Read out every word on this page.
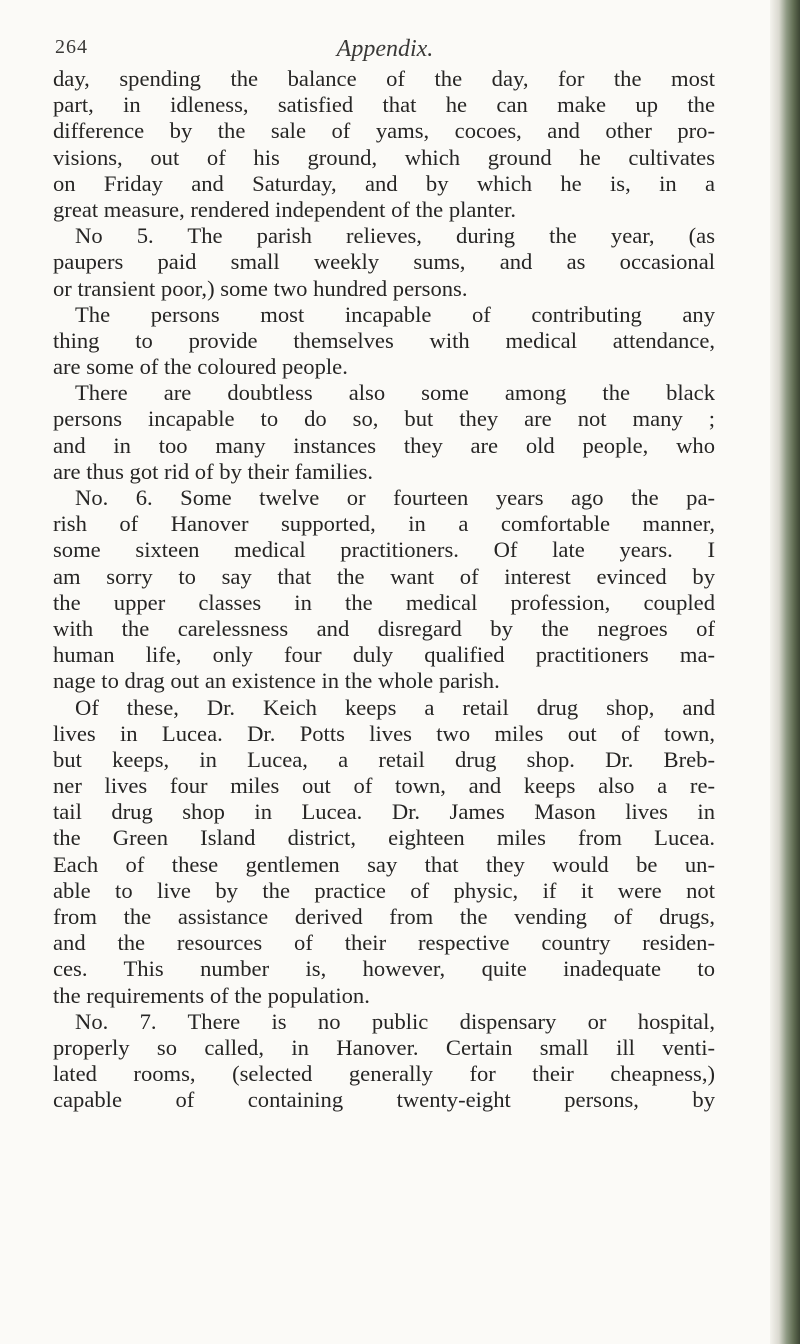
264	Appendix.
day, spending the balance of the day, for the most
part, in idleness, satisfied that he can make up the
difference by the sale of yams, cocoes, and other pro-
visions, out of his ground, which ground he cultivates
on Friday and Saturday, and by which he is, in a
great measure, rendered independent of the planter.
No 5. The parish relieves, during the year, (as
paupers paid small weekly sums, and as occasional
or transient poor,) some two hundred persons.
The persons most incapable of contributing any
thing to provide themselves with medical attendance,
are some of the coloured people.
There are doubtless also some among the black
persons incapable to do so, but they are not many ;
and in too many instances they are old people, who
are thus got rid of by their families.
No. 6. Some twelve or fourteen years ago the pa-
rish of Hanover supported, in a comfortable manner,
some sixteen medical practitioners. Of late years. I
am sorry to say that the want of interest evinced by
the upper classes in the medical profession, coupled
with the carelessness and disregard by the negroes of
human life, only four duly qualified practitioners ma-
nage to drag out an existence in the whole parish.
Of these, Dr. Keich keeps a retail drug shop, and
lives in Lucea. Dr. Potts lives two miles out of town,
but keeps, in Lucea, a retail drug shop. Dr. Breb-
ner lives four miles out of town, and keeps also a re-
tail drug shop in Lucea. Dr. James Mason lives in
the Green Island district, eighteen miles from Lucea.
Each of these gentlemen say that they would be un-
able to live by the practice of physic, if it were not
from the assistance derived from the vending of drugs,
and the resources of their respective country residen-
ces. This number is, however, quite inadequate to
the requirements of the population.
No. 7. There is no public dispensary or hospital,
properly so called, in Hanover. Certain small ill venti-
lated rooms, (selected generally for their cheapness,)
capable of containing twenty-eight persons, by
